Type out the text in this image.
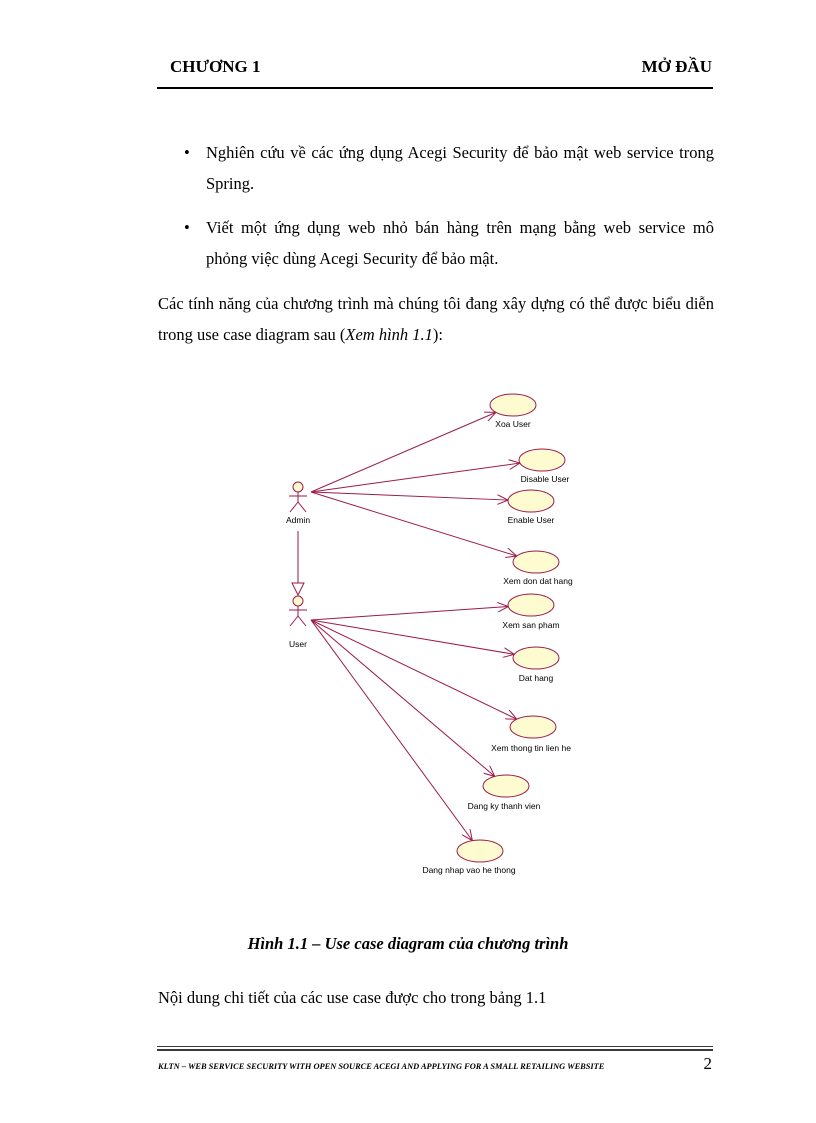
CHƯƠNG 1	MỞ ĐẦU
• Nghiên cứu về các ứng dụng Acegi Security để bảo mật web service trong Spring.
• Viết một ứng dụng web nhỏ bán hàng trên mạng bằng web service mô phỏng việc dùng Acegi Security để bảo mật.
Các tính năng của chương trình mà chúng tôi đang xây dựng có thể được biểu diễn trong use case diagram sau (Xem hình 1.1):
Admin
User
Xoa User
Disable User
Enable User
Xem don dat hang
Xem san pham
Dat hang
Xem thong tin lien he
Dang ky thanh vien
Dang nhap vao he thong
Hình 1.1 – Use case diagram của chương trình
Nội dung chi tiết của các use case được cho trong bảng 1.1
KLTN – WEB SERVICE SECURITY WITH OPEN SOURCE ACEGI AND APPLYING FOR A SMALL RETAILING WEBSITE	2
